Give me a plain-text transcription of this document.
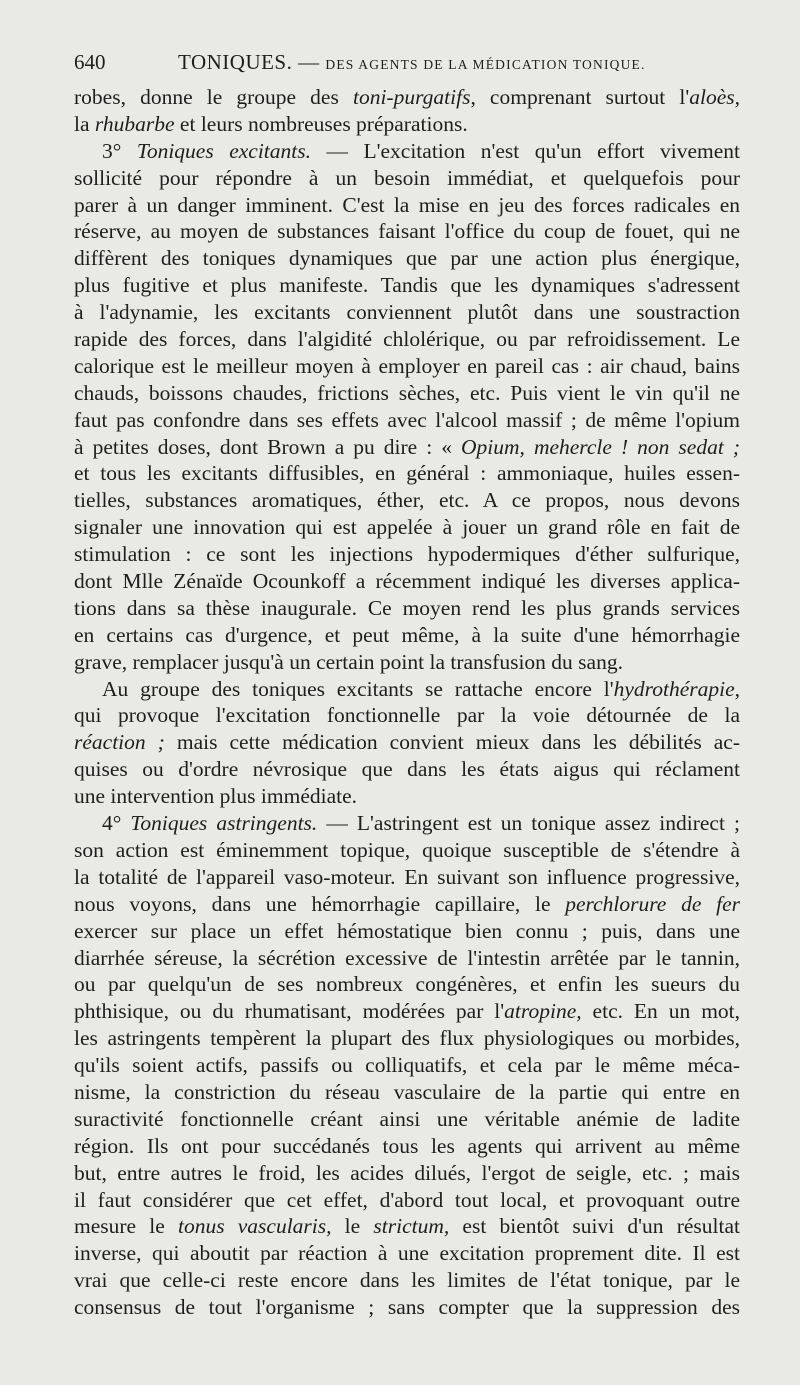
640	TONIQUES. — DES AGENTS DE LA MÉDICATION TONIQUE.
robes, donne le groupe des toni-purgatifs, comprenant surtout l'aloès,
la rhubarbe et leurs nombreuses préparations.
3° Toniques excitants. — L'excitation n'est qu'un effort vivement
sollicité pour répondre à un besoin immédiat, et quelquefois pour
parer à un danger imminent. C'est la mise en jeu des forces radicales en
réserve, au moyen de substances faisant l'office du coup de fouet, qui ne
diffèrent des toniques dynamiques que par une action plus énergique,
plus fugitive et plus manifeste. Tandis que les dynamiques s'adressent
à l'adynamie, les excitants conviennent plutôt dans une soustraction
rapide des forces, dans l'algidité chlolérique, ou par refroidissement. Le
calorique est le meilleur moyen à employer en pareil cas : air chaud, bains
chauds, boissons chaudes, frictions sèches, etc. Puis vient le vin qu'il ne
faut pas confondre dans ses effets avec l'alcool massif ; de même l'opium
à petites doses, dont Brown a pu dire : « Opium, mehercle ! non sedat ;
et tous les excitants diffusibles, en général : ammoniaque, huiles essen-
tielles, substances aromatiques, éther, etc. A ce propos, nous devons
signaler une innovation qui est appelée à jouer un grand rôle en fait de
stimulation : ce sont les injections hypodermiques d'éther sulfurique,
dont Mlle Zénaïde Ocounkoff a récemment indiqué les diverses applica-
tions dans sa thèse inaugurale. Ce moyen rend les plus grands services
en certains cas d'urgence, et peut même, à la suite d'une hémorrhagie
grave, remplacer jusqu'à un certain point la transfusion du sang.
Au groupe des toniques excitants se rattache encore l'hydrothérapie,
qui provoque l'excitation fonctionnelle par la voie détournée de la
réaction ; mais cette médication convient mieux dans les débilités ac-
quises ou d'ordre névrosique que dans les états aigus qui réclament
une intervention plus immédiate.
4° Toniques astringents. — L'astringent est un tonique assez indirect ;
son action est éminemment topique, quoique susceptible de s'étendre à
la totalité de l'appareil vaso-moteur. En suivant son influence progressive,
nous voyons, dans une hémorrhagie capillaire, le perchlorure de fer
exercer sur place un effet hémostatique bien connu ; puis, dans une
diarrhée séreuse, la sécrétion excessive de l'intestin arrêtée par le tannin,
ou par quelqu'un de ses nombreux congénères, et enfin les sueurs du
phthisique, ou du rhumatisant, modérées par l'atropine, etc. En un mot,
les astringents tempèrent la plupart des flux physiologiques ou morbides,
qu'ils soient actifs, passifs ou colliquatifs, et cela par le même méca-
nisme, la constriction du réseau vasculaire de la partie qui entre en
suractivité fonctionnelle créant ainsi une véritable anémie de ladite
région. Ils ont pour succédanés tous les agents qui arrivent au même
but, entre autres le froid, les acides dilués, l'ergot de seigle, etc. ; mais
il faut considérer que cet effet, d'abord tout local, et provoquant outre
mesure le tonus vascularis, le strictum, est bientôt suivi d'un résultat
inverse, qui aboutit par réaction à une excitation proprement dite. Il est
vrai que celle-ci reste encore dans les limites de l'état tonique, par le
consensus de tout l'organisme ; sans compter que la suppression des
